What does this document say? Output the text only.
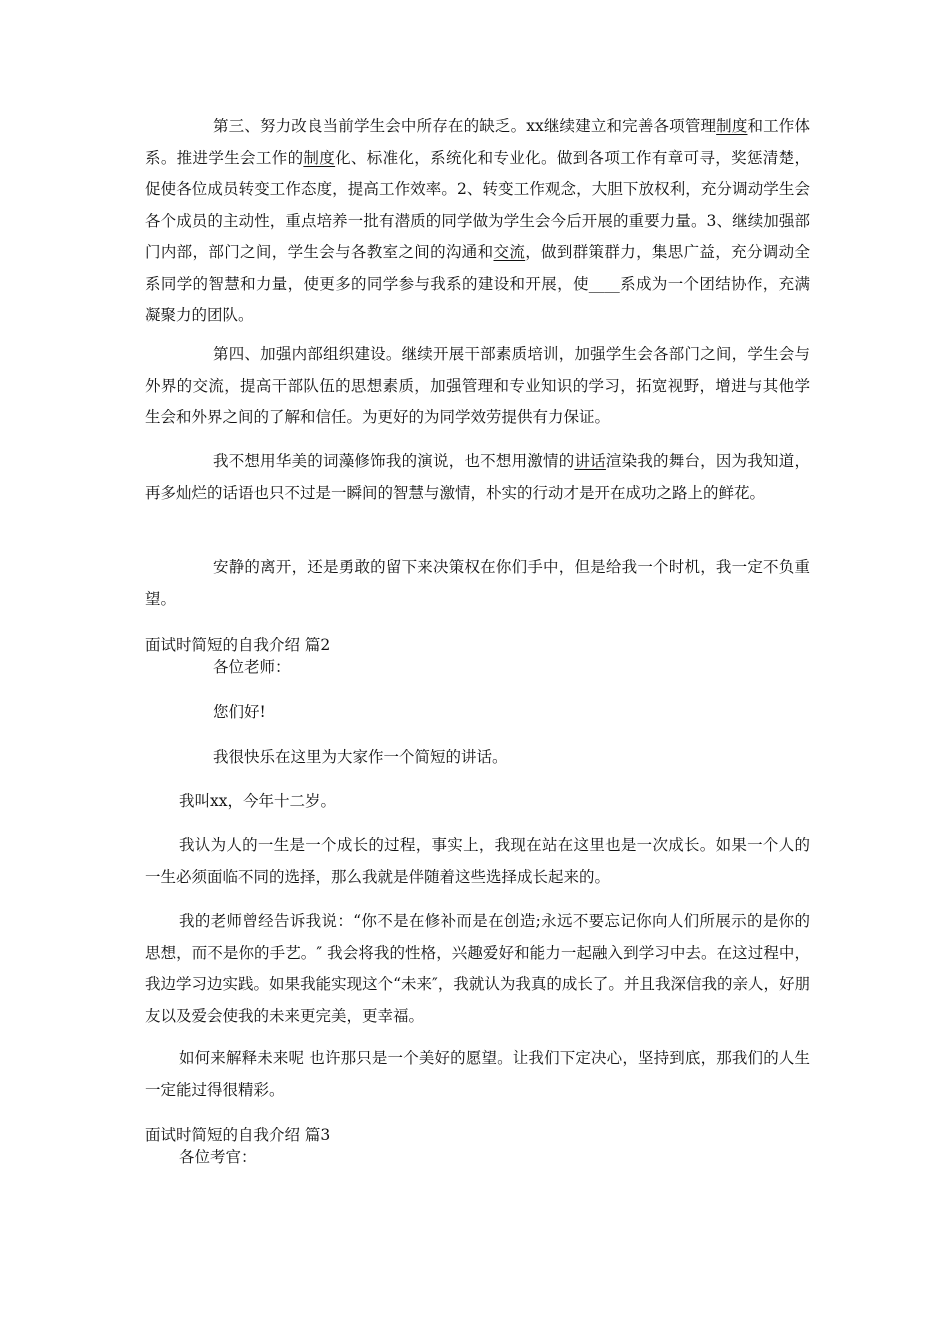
第三、努力改良当前学生会中所存在的缺乏。xx继续建立和完善各项管理制度和工作体系。推进学生会工作的制度化、标准化，系统化和专业化。做到各项工作有章可寻，奖惩清楚，促使各位成员转变工作态度，提高工作效率。2、转变工作观念，大胆下放权利，充分调动学生会各个成员的主动性，重点培养一批有潜质的同学做为学生会今后开展的重要力量。3、继续加强部门内部，部门之间，学生会与各教室之间的沟通和交流，做到群策群力，集思广益，充分调动全系同学的智慧和力量，使更多的同学参与我系的建设和开展，使____系成为一个团结协作，充满凝聚力的团队。

第四、加强内部组织建设。继续开展干部素质培训，加强学生会各部门之间，学生会与外界的交流，提高干部队伍的思想素质，加强管理和专业知识的学习，拓宽视野，增进与其他学生会和外界之间的了解和信任。为更好的为同学效劳提供有力保证。

我不想用华美的词藻修饰我的演说，也不想用激情的讲话渲染我的舞台，因为我知道，再多灿烂的话语也只不过是一瞬间的智慧与激情，朴实的行动才是开在成功之路上的鲜花。

安静的离开，还是勇敢的留下来决策权在你们手中，但是给我一个时机，我一定不负重望。

面试时简短的自我介绍 篇2

各位老师：

您们好!

我很快乐在这里为大家作一个简短的讲话。

我叫xx，今年十二岁。

我认为人的一生是一个成长的过程，事实上，我现在站在这里也是一次成长。如果一个人的一生必须面临不同的选择，那么我就是伴随着这些选择成长起来的。

我的老师曾经告诉我说：“你不是在修补而是在创造;永远不要忘记你向人们所展示的是你的思想，而不是你的手艺。″ 我会将我的性格，兴趣爱好和能力一起融入到学习中去。在这过程中，我边学习边实践。如果我能实现这个“未来″，我就认为我真的成长了。并且我深信我的亲人，好朋友以及爱会使我的未来更完美，更幸福。

如何来解释未来呢 也许那只是一个美好的愿望。让我们下定决心，坚持到底，那我们的人生一定能过得很精彩。

面试时简短的自我介绍 篇3

各位考官：
